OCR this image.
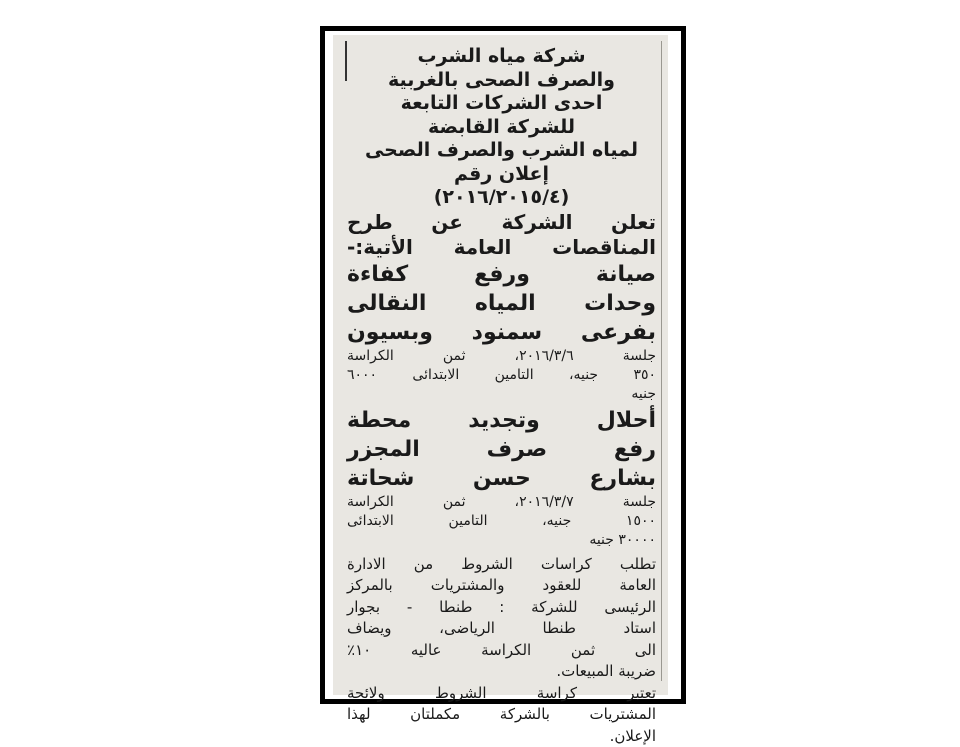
شركة مياه الشرب
والصرف الصحى بالغربية
احدى الشركات التابعة
للشركة القابضة
لمياه الشرب والصرف الصحى
إعلان رقم
(٢٠١٦/٢٠١٥/٤)
تعلن الشركة عن طرح
المناقصات العامة الأتية:-
صيانة ورفع كفاءة
وحدات المياه النقالى
بفرعى سمنود وبسيون
جلسة ٢٠١٦/٣/٦، ثمن الكراسة
٣٥٠ جنيه، التامين الابتدائى ٦٠٠٠
جنيه
أحلال وتجديد محطة
رفع صرف المجزر
بشارع حسن شحاتة
جلسة ٢٠١٦/٣/٧، ثمن الكراسة
١٥٠٠ جنيه، التامين الابتدائى
٣٠٠٠٠ جنيه
تطلب كراسات الشروط من الادارة
العامة للعقود والمشتريات بالمركز
الرئيسى للشركة : طنطا - بجوار
استاد طنطا الرياضى، ويضاف
الى ثمن الكراسة عاليه ١٠٪
ضريبة المبيعات.
تعتبر كراسة الشروط ولائحة
المشتريات بالشركة مكملتان لهذا
الإعلان.
